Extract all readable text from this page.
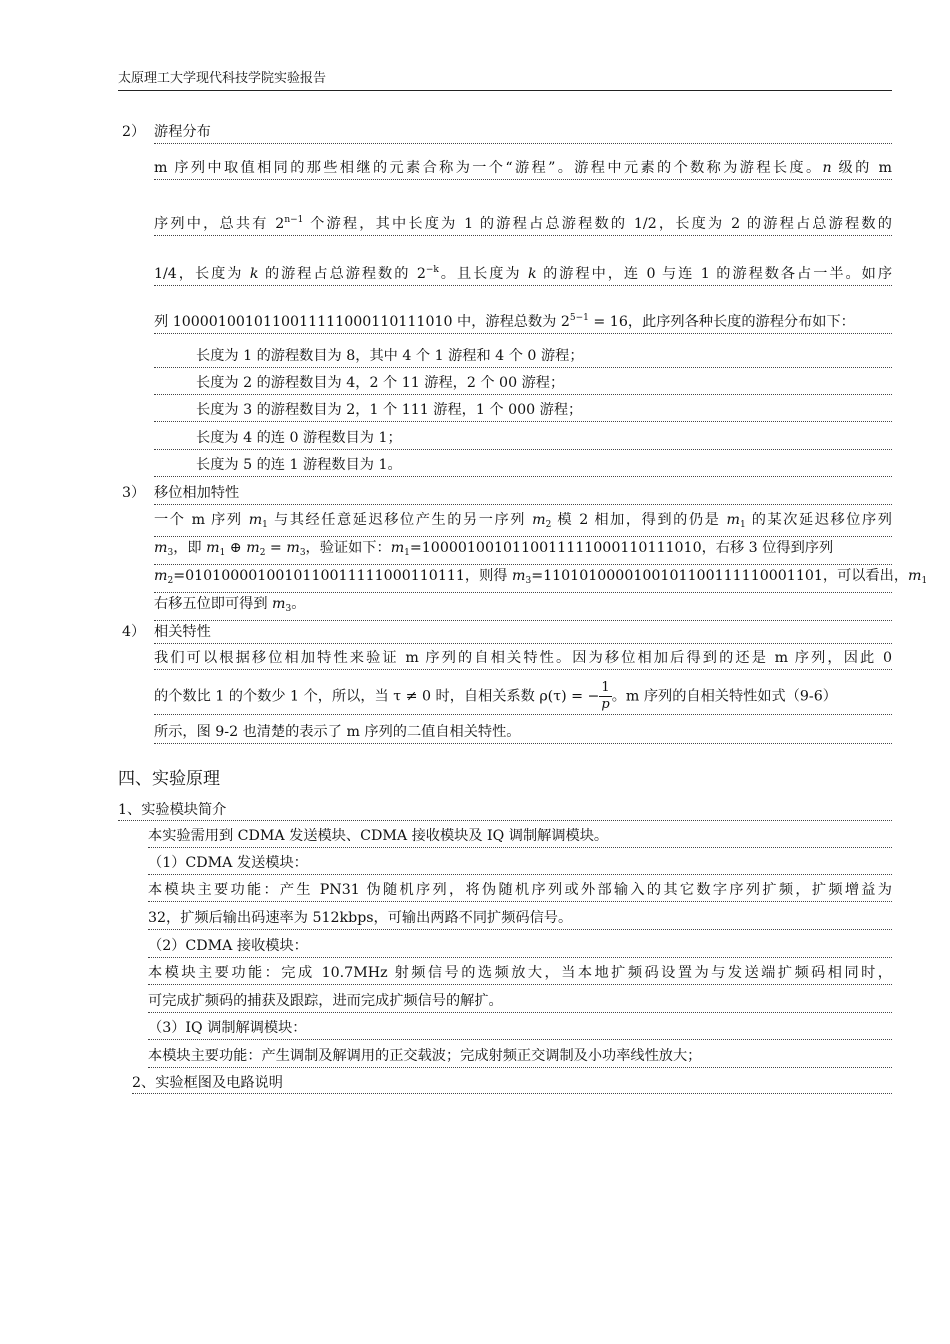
太原理工大学现代科技学院实验报告
2） 游程分布
m 序列中取值相同的那些相继的元素合称为一个“游程”。游程中元素的个数称为游程长度。n 级的 m
序列中，总共有 $2^{n-1}$ 个游程，其中长度为 1 的游程占总游程数的 1/2，长度为 2 的游程占总游程数的
1/4，长度为 k 的游程占总游程数的 $2^{-k}$。且长度为 k 的游程中，连 0 与连 1 的游程数各占一半。如序
列 1000010010110011111000110111010 中，游程总数为 $2^{5-1} = 16$，此序列各种长度的游程分布如下：
长度为 1 的游程数目为 8，其中 4 个 1 游程和 4 个 0 游程；
长度为 2 的游程数目为 4，2 个 11 游程，2 个 00 游程；
长度为 3 的游程数目为 2，1 个 111 游程，1 个 000 游程；
长度为 4 的连 0 游程数目为 1；
长度为 5 的连 1 游程数目为 1。
3） 移位相加特性
一个 m 序列 $m_1$ 与其经任意延迟移位产生的另一序列 $m_2$ 模 2 相加，得到的仍是 $m_1$ 的某次延迟移位序列
$m_3$，即 $m_1$ ⊕ $m_2 = m_3$，验证如下：$m_1=1000010010110011111000110111010$，右移 3 位得到序列
$m_2=0101000010010110011111000110111$，则得 $m_3=1101010000100101100111110001101$，可以看出，$m_1$
右移五位即可得到 $m_3$。
4） 相关特性
我们可以根据移位相加特性来验证 m 序列的自相关特性。因为移位相加后得到的还是 m 序列，因此 0
的个数比 1 的个数少 1 个，所以，当 τ ≠ 0 时，自相关系数 ρ(τ) = − $\frac{1}{p}$ 。m 序列的自相关特性如式（9-6）
所示，图 9-2 也清楚的表示了 m 序列的二值自相关特性。
四、实验原理
1、实验模块简介
本实验需用到 CDMA 发送模块、CDMA 接收模块及 IQ 调制解调模块。
（1）CDMA 发送模块：
本模块主要功能：产生 PN31 伪随机序列，将伪随机序列或外部输入的其它数字序列扩频，扩频增益为
32，扩频后输出码速率为 512kbps，可输出两路不同扩频码信号。
（2）CDMA 接收模块：
本模块主要功能：完成 10.7MHz 射频信号的选频放大，当本地扩频码设置为与发送端扩频码相同时，
可完成扩频码的捕获及跟踪，进而完成扩频信号的解扩。
（3）IQ 调制解调模块：
本模块主要功能：产生调制及解调用的正交载波；完成射频正交调制及小功率线性放大；
2、实验框图及电路说明
